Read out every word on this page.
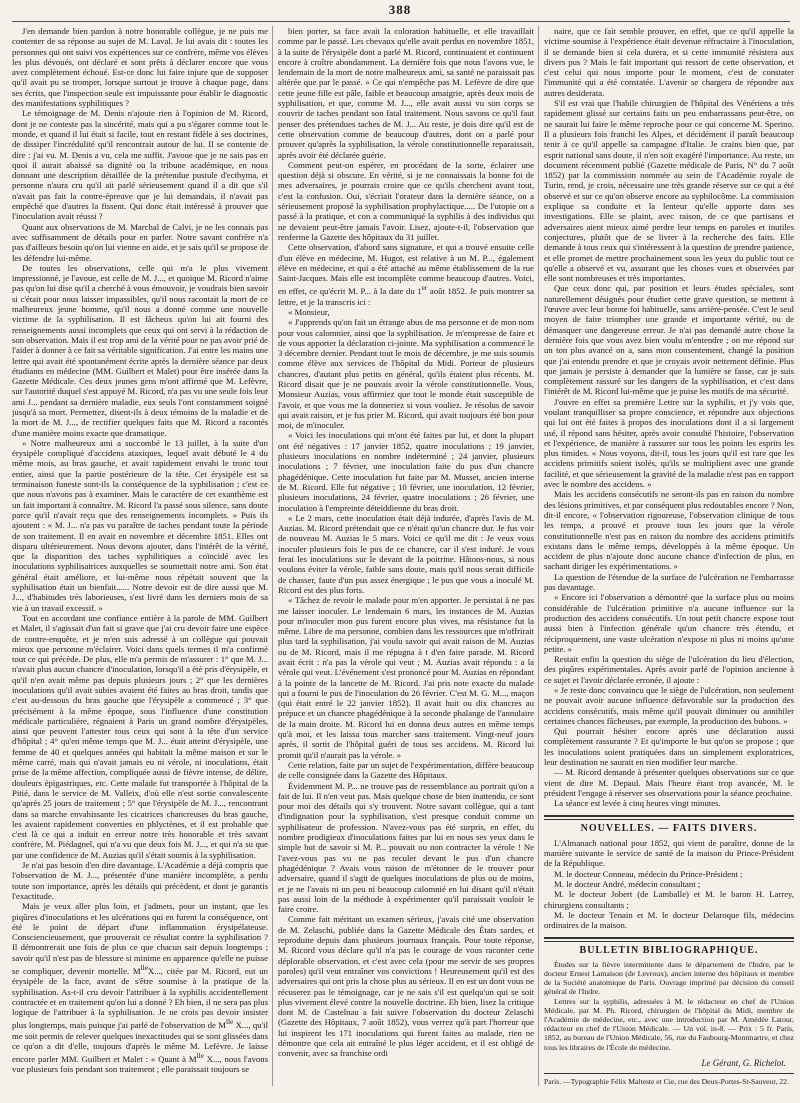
388

J'en demande bien pardon à notre honorable collègue, je ne puis me contenter de sa réponse au sujet de M. Laval. Je lui avais dit : toutes les personnes qui ont suivi vos expériences sur ce confrère, même vos élèves les plus dévoués, ont déclaré et sont prêts à déclarer encore que vous avez complètement échoué. Est-ce donc lui faire injure que de supposer qu'il avait pu se tromper, lorsque surtout je trouve à chaque page, dans ses écrits, que l'inspection seule est impuissante pour établir le diagnostic des manifestations syphilitiques ?

Le témoignage de M. Denis n'ajoute rien à l'opinion de M. Ricord, dont je ne conteste pas la sincérité, mais qui a pu s'égarer comme tout le monde, et quand il lui était si facile, tout en restant fidèle à ses doctrines, de dissiper l'incrédulité qu'il rencontrait autour de lui. Il se contente de dire : j'ai vu. M. Denis a vu, cela me suffit. J'avoue que je ne sais pas en quoi il aurait abaissé sa dignité ou la tribune académique, en nous donnant une description détaillée de la prétendue pustule d'ecthyma, et personne n'aura cru qu'il ait parlé sérieusement quand il a dit que s'il n'avait pas fait la contre-épreuve que je lui demandais, il n'avait pas empêché que d'autres la fissent. Qui donc était intéressé à prouver que l'inoculation avait réussi ?

Quant aux observations de M. Marchal de Calvi, je ne les connais pas avec suffisamment de détails pour en parler. Notre savant confrère n'a pas d'ailleurs besoin qu'on lui vienne en aide, et je sais qu'il se propose de les défendre lui-même.

De toutes les observations, celle qui m'a le plus vivement impressionné, je l'avoue, est celle de M. J..., et quoique M. Ricord n'aime pas qu'on lui dise qu'il a cherché à vous émouvoir, je voudrais bien savoir si c'était pour nous laisser impassibles, qu'il nous racontait la mort de ce malheureux jeune homme, qu'il nous a donné comme une nouvelle victime de la syphilisation. Il est fâcheux qu'on lui ait fourni des renseignements aussi incomplets que ceux qui ont servi à la rédaction de son observation. Mais il est trop ami de la vérité pour ne pas avoir prié de l'aider à donner à ce fait sa véritable signification. J'ai entre les mains une lettre qui avait été spontanément écrite après la dernière séance par deux étudiants en médecine (MM. Guilbert et Malet) pour être insérée dans la Gazette Médicale. Ces deux jeunes gens m'ont affirmé que M. Lefèvre, sur l'autorité duquel s'est appuyé M. Ricord, n'a pas vu une seule fois leur ami J... pendant sa dernière maladie, eux seuls l'ont constamment soigné jusqu'à sa mort. Permettez, disent-ils à deux témoins de la maladie et de la mort de M. J..., de rectifier quelques faits que M. Ricord a racontés d'une manière moins exacte que dramatique.

« Notre malheureux ami a succombé le 13 juillet, à la suite d'un érysipèle compliqué d'accidens ataxiques, lequel avait débuté le 4 du même mois, au bras gauche, et avait rapidement envahi le tronc tout entier, ainsi que la partie postérieure de la tête. Cet érysipèle est sa terminaison funeste sont-ils la conséquence de la syphilisation ; c'est ce que nous n'avons pas à examiner. Mais le caractère de cet exanthème est un fait important à connaître. M. Ricord l'a passé sous silence, sans doute parce qu'il n'avait reçu que des renseignements incomplets. » Puis ils ajoutent : « M. J... n'a pas vu paraître de taches pendant toute la période de son traitement. Il en avait en novembre et décembre 1851. Elles ont disparu ultérieurement. Nous devons ajouter, dans l'intérêt de la vérité, que la disparition des taches syphilitiques a coïncidé avec les inoculations syphilisatrices auxquelles se soumettait notre ami. Son état général était améliore, et lui-même nous répétait souvent que la syphilisation était un bienfait...... Notre devoir est de dire aussi que M. J..., d'habitudes très laborieuses, s'est livré dans les derniers mois de sa vie à un travail excessif. »

Tout en accordant une confiance entière à la parole de MM. Guilbert et Malet, il s'agissait d'un fait si grave que j'ai cru devoir faire une espèce de contre-enquête, et je m'en suis adressé à un collègue qui pouvait mieux que personne m'éclairer. Voici dans quels termes il m'a confirmé tout ce qui précède. De plus, elle m'a permis de m'assurer : 1° que M. J... n'avait plus aucun chancre d'inoculation, lorsqu'il a été pris d'érysipèle, et qu'il n'en avait même pas depuis plusieurs jours ; 2° que les dernières inoculations qu'il avait subies avaient été faites au bras droit, tandis que c'est au-dessous du bras gauche que l'érysipèle a commencé ; 3° que précisément à la même époque, sous l'influence d'une constitution médicale particulière, régnaient à Paris un grand nombre d'érysipèles, ainsi que peuvent l'attester tous ceux qui sont à la tête d'un service d'hôpital ; 4° qu'en même temps que M. J... était atteint d'érysipèle, une femme de 40 et quelques années qui habitait la même maison et sur le même carré, mais qui n'avait jamais eu ni vérole, ni inoculations, était prise de la même affection, compliquée aussi de fièvre intense, de délire, douleurs épigastriques, etc. Cette malade fut transportée à l'hôpital de la Pitié, dans le service de M. Valleix, d'où elle n'est sortie convalescente qu'après 25 jours de traitement ; 5° que l'érysipèle de M. J..., rencontrant dans sa marche envahissante les cicatrices chancreuses du bras gauche, les avaient rapidement converties en phlyctènes, et il est probable que c'est là ce qui a induit en erreur notre très honorable et très savant confrère, M. Piédagnel, qui n'a vu que deux fois M. J..., et qui n'a su que par une confidence de M. Auzias qu'il s'était soumis à la syphilisation.

Je n'ai pas besoin d'en dire davantage. L'Académie a déjà compris que l'observation de M. J..., présentée d'une manière incomplète, a perdu toute son importance, après les détails qui précèdent, et dont je garantis l'exactitude.

Mais je veux aller plus loin, et j'admets, pour un instant, que les piqûres d'inoculations et les ulcérations qui en furent la conséquence, ont été le point de départ d'une inflammation érysipélateuse. Consciencieusement, que prouverait ce résultat contre la syphilisation ? Il démontrerait une fois de plus ce que chacun sait depuis longtemps ; savoir qu'il n'est pas de blessure si minime en apparence qu'elle ne puisse se compliquer, devenir mortelle. $M^{lle}X$..., citée par M. Ricord, eut un érysipèle de la face, avant de s'être soumise à la pratique de la syphilisation. As-t-il cru devoir l'attribuer à la syphilis accidentellement contractée et en traitement qu'on lui a donné ? Eh bien, il ne sera pas plus logique de l'attribuer à la syphilisation. Je ne crois pas devoir insister plus longtemps, mais puisque j'ai parlé de l'observation de $M^{lle}$ X..., qu'il me soit permis de relever quelques inexactitudes qui se sont glissées dans ce qu'on a dit d'elle, toujours d'après le même M. Lefèvre. Je laisse encore parler MM. Guilbert et Malet : « Quant à $M^{lle}$ X..., nous l'avons vue plusieurs fois pendant son traitement ; elle paraissait toujours se

bien porter, sa face avait la coloration habituelle, et elle travaillait comme par le passé. Les chevaux qu'elle avait perdus en novembre 1851, à la suite de l'érysipèle dont a parlé M. Ricord, continuaient et continuent encore à croître abondamment. La dernière fois que nous l'avons vue, le lendemain de la mort de notre malheureux ami, sa santé ne paraissait pas altérée que par le passé. » Ce qui n'empêche pas M. Lefèvre de dire que cette jeune fille est pâle, faible et beaucoup amaigrie, après deux mois de syphilisation, et que, comme M. J..., elle avait aussi vu son corps se couvrir de taches pendant son fatal traitement. Nous savons ce qu'il faut penser des prétendues taches de M. J... Au reste, je dois dire qu'il est de cette observation comme de beaucoup d'autres, dont on a parlé pour prouver qu'après la syphilisation, la vérole constitutionnelle reparaissait, après avoir été déclarée guérie.

Comment peut-on espérer, en procédant de la sorte, éclairer une question déjà si obscure. En vérité, si je ne connaissais la bonne foi de mes adversaires, je pourrais croire que ce qu'ils cherchent avant tout, c'est la confusion. Oui, s'écriait l'orateur dans la dernière séance, on a sérieusement proposé la syphilisation prophylactique..... De l'utopie on a passé à la pratique, et con a communiqué la syphilis à des individus qui ne devaient peut-être jamais l'avoir. Lisez, ajoute-t-il, l'observation que renferme la Gazette des hôpitaux du 31 juillet.

Cette observation, d'abord sans signature, et qui a trouvé ensuite celle d'un élève en médecine, M. Hugot, est relative à un M. P..., également élève en médecine, et qui a été attaché au même établissement de la rue Saint-Jacques. Mais elle est incomplète comme beaucoup d'autres. Voici, en effet, ce qu'écrit M. P... à la date du 1er août 1852. Je puis montrer sa lettre, et je la transcris ici :

« Monsieur,

« J'apprends qu'on fait un étrange abus de ma personne et de mon nom pour vous calomnier, ainsi que la syphilisation. Je m'empresse de faire et de vous apporter la déclaration ci-jointe. Ma syphilisation a commencé le 3 décembre dernier. Pendant tout le mois de décembre, je me suis soumis comme élève aux services de l'hôpital du Midi. Porteur de plusieurs chancres, d'autant plus petits en général, qu'ils étaient plus récents. M. Ricord disait que je ne pouvais avoir la vérole constitutionnelle. Vous, Monsieur Auzias, vous affirmiez que tout le monde était susceptible de l'avoir, et que vous me la donneriez si vous vouliez. Je résolus de savoir qui avait raison, et je fus prier M. Ricord, qui avait toujours été bon pour moi, de m'inoculer.

« Voici les inoculations qui m'ont été faites par lui, et dont la plupart ont été négatives : 17 janvier 1852, quatre inoculations ; 19 janvier, plusieurs inoculations en nombre indéterminé ; 24 janvier, plusieurs inoculations ; 7 février, une inoculation faite du pus d'un chancre phagédénique. Cette inoculation fut faite par M. Musset, ancien interne de M. Ricord. Elle fut négative ; 10 février, une inoculation, 12 février, plusieurs inoculations, 24 février, quatre inoculations ; 26 février, une inoculation à l'empreinte déteiddienne du bras droit.

« Le 2 mars, cette inoculation était déjà indurée, d'après l'avis de M. Auzias. M. Ricord prétendait que ce n'était qu'un chancre dur. Je fus voir de nouveau M. Auzias le 5 mars. Voici ce qu'il me dit : Je veux vous inoculer plusieurs fois le pus de ce chancre, car il s'est induré. Je vous ferai les inoculations sur le devant de la poitrine. Hâtons-nous, si nous voulons éviter la vérole, faible sans doute, mais qu'il nous serait difficile de chasser, faute d'un pus assez énergique ; le pus que vous a inoculé M. Ricord est des plus forts.

« Tâchez de revoir le malade pour m'en apporter. Je persistai à ne pas me laisser inoculer. Le lendemain 6 mars, les instances de M. Auzias pour m'inoculer mon pus furent encore plus vives, ma résistance fut la même. Libre de ma personne, combien dans les ressources que m'offrirait plus tard la syphilisation, j'ai voulu savoir qui avait raison de M. Auzias ou de M. Ricord, mais il me répugna à t d'en faire parade. M. Ricord avait écrit : n'a pas la vérole qui veut ; M. Auzias avait répondu : a la vérole qui veut. L'événement s'est prononcé pour M. Auzias en répondant à la pointe de la lancette de M. Ricord. J'ai pris note exacte du malade qui a fourni le pus de l'inoculation du 26 février. C'est M. G. M..., maçon (qui était entré le 22 janvier 1852). Il avait huit ou dix chancres au prépuce et un chancre phagédénique à la seconde phalange de l'annulaire de la main droite. M. Ricord lui en donna deux autres en même temps qu'à moi, et les laissa tous marcher sans traitement. Vingt-neuf jours après, il sortit de l'hôpital guéri de tous ses accidens. M. Ricord lui promit qu'il n'aurait pas la vérole. »

Cette relation, faite par un sujet de l'expérimentation, diffère beaucoup de celle consignée dans la Gazette des Hôpitaux.

Évidemment M. P... ne trouve pas de ressemblance au portrait qu'on a fait de lui. Il n'en veut pas. Mais quelque chose de bien inattendu, ce sont pour moi des détails qui s'y trouvent. Notre savant collègue, qui a tant d'indignation pour la syphilisation, s'est presque conduit comme un syphilisateur de profession. N'avez-vous pas été surpris, en effet, du nombre prodigieux d'inoculations faites par lui en nous ses yeux dans le simple but de savoir si M. P... pouvait ou non contracter la vérole ! Ne l'avez-vous pas vu ne pas reculer devant le pus d'un chancre phagédénique ? Avais vous raison de m'étonner de le trouver pour adversaire, quand il s'agit de quelques inoculations de plus ou de moins, et je ne l'avais ni un peu ni beaucoup calomnié en lui disant qu'il n'était pas aussi loin de la méthode à expérimenter qu'il paraissait vouloir le faire croire.

Comme fait méritant un examen sérieux, j'avais cité une observation de M. Zelaschi, publiée dans la Gazette Médicale des États sardes, et reproduite depuis dans plusieurs journaux français. Pour toute réponse, M. Ricord vous déclare qu'il n'a pas le courage de vous raconter cette déplorable observation, et c'est avec cela (pour me servir de ses propres paroles) qu'il veut entraîner vos convictions ! Heureusement qu'il est des adversaires qui ont pris la chose plus au sérieux. Il en est un dont vous ne récuserez pas le témoignage, car je ne sais s'il est quelqu'un qui se soit plus vivement élevé contre la nouvelle doctrine. Eh bien, lisez la critique dont M. de Castelnau a fait suivre l'observation du docteur Zelaschi (Gazette des Hôpitaux, 7 août 1852), vous verrez qu'à part l'horreur que lui inspirent les 171 inoculations qui furent faites au malade, rien ne démontre que cela ait entraîné le plus léger accident, et il est obligé de convenir, avec sa franchise ordi

naire, que ce fait semble prouver, en effet, que ce qu'il appelle la victime soumise à l'expérience était devenue réfractaire à l'inoculation, il se demande bien si cela durera, et si cette immunité résistera aux divers pus ? Mais le fait important qui ressort de cette observation, et c'est celui qui nous importe pour le moment, c'est de constater l'immunité qui a été constatée. L'avenir se chargera de répondre aux autres desiderata.

S'il est vrai que l'habile chirurgien de l'hôpital des Vénériens a très rapidement glissé sur certains faits un peu embarrassans peut-être, on ne saurait lui faire le même reproche pour ce qui concerne M. Sperino. Il a plusieurs fois franchi les Alpes, et décidément il paraît beaucoup tenir à ce qu'il appelle sa campagne d'Italie. Je crains bien que, par esprit national sans doute, il n'en soit exagéré l'importance. Au reste, un document récemment publié (Gazette médicale de Paris, N° du 7 août 1852) par la commission nommée au sein de l'Académie royale de Turin, rend, je crois, nécessaire une très grande réserve sur ce qui a été observé et sur ce qu'on observe encore au syphilocôme. La commission explique sa conduite et la lenteur qu'elle apporte dans ses investigations. Elle se plaint, avec raison, de ce que partisans et adversaires aient mieux aimé perdre leur temps en paroles et inutiles conjectures, plutôt que de se livrer à la recherche des faits. Elle demande à tous ceux qui s'intéressent à la question de prendre patience, et elle promet de mettre prochainement sous les yeux du public tout ce qu'elle a observé et vu, assurant que les choses vues et observées par elle sont nombreuses et très importantes.

Que ceux donc qui, par position et leurs études spéciales, sont naturellement désignés pour étudier cette grave question, se mettent à l'œuvre avec leur bonne foi habituelle, sans arrière-pensée. C'est le seul moyen de faire triompher une grande et importante vérité, ou de démasquer une dangereuse erreur. Je n'ai pas demandé autre chose la dernière fois que vous avez bien voulu m'entendre ; on me répond sur un ton plus avancé on a, sans mon consentement, changé la position que j'ai entendu prendre et que je croyais avoir nettement définie. Plus que jamais je persiste à demander que la lumière se fasse, car je suis complètement rassuré sur les dangers de la syphilisation, et c'est dans l'intérêt de M. Ricord lui-même que je puise les motifs de ma sécurité.

J'ouvre en effet sa première Lettre sur la syphilis, et j'y vois que, voulant tranquilliser sa propre conscience, et répondre aux objections qui lui ont été faites à propos des inoculations dont il a si largement usé, il répond sans hésiter, après avoir consulté l'histoire, l'observation et l'expérience, de manière à rassurer sur tous les points les esprits les plus timides. « Nous voyons, dit-il, tous les jours qu'il est rare que les accidens primitifs soient isolés, qu'ils se multiplient avec une grande facilité, et que sérieusement la gravité de la maladie n'est pas en rapport avec le nombre des accidens. »

Mais les accidens consécutifs ne seront-ils pas en raison du nombre des lésions primitives, et par conséquent plus redoutables encore ? Non, dit-il encore, « l'observation rigoureuse, l'observation clinique de tous les temps, a prouvé et prouve tous les jours que la vérole constitutionnelle n'est pas en raison du nombre des accidens primitifs existans dans le même temps, développés à la même époque. Un accident de plus n'ajoute donc aucune chance d'infection de plus, en sachant diriger les expérimentations. »

La question de l'étendue de la surface de l'ulcération ne l'embarrasse pas davantage.

« Encore ici l'observation a démontré que la surface plus ou moins considérable de l'ulcération primitive n'a aucune influence sur la production des accidens consécutifs. Un tout petit chancre expose tout aussi bien à l'infection générale qu'un chancre très étendu, et réciproquement, une vaste ulcération n'expose ni plus ni moins qu'une petite. »

Restait enfin la question du siège de l'ulcération du lieu d'élection, des piqûres expérimentales. Après avoir parlé de l'opinion ancienne à ce sujet et l'avoir déclarée erronée, il ajoute :

« Je reste donc convaincu que le siège de l'ulcération, non seulement ne pouvait avoir aucune influence défavorable sur la production des accidens consécutifs, mais même qu'il pouvait diminuer ou annihiler certaines chances fâcheuses, par exemple, la production des bubons. »

Qui pourrait hésiter encore après une déclaration aussi complètement rassurante ? Et qu'importe le but qu'on se propose ; que les inoculations soient pratiquées dans un simplement exploratrices, leur destination ne saurait en rien modifier leur marche.

— M. Ricord demande à présenter quelques observations sur ce que vient de dire M. Depaul. Mais l'heure étant trop avancée, M. le président l'engage à réserver ses observations pour la séance prochaine.

La séance est levée à cinq heures vingt minutes.

NOUVELLES. — FAITS DIVERS.

L'Almanach national pour 1852, qui vient de paraître, donne de la manière suivante le service de santé de la maison du Prince-Président de la République.

M. le docteur Conneau, médecin du Prince-Président ;

M. le docteur André, médecin consultant ;

M. le docteur Jobert (de Lamballe) et M. le baron H. Larrey, chirurgiens consultants ;

M. le docteur Tenain et M. le docteur Delaroque fils, médecins ordinaires de la maison.

BULLETIN BIBLIOGRAPHIQUE.

Études sur la fièvre intermittente dans le département de l'Indre, par le docteur Ernest Lamaison (de Levroux), ancien interne des hôpitaux et membre de la Société anatomique de Paris. Ouvrage imprimé par décision du conseil général de l'Indre.

Lettres sur la syphilis, adressées à M. le rédacteur en chef de l'Union Médicale, par M. Ph. Ricord, chirurgien de l'hôpital du Midi, membre de l'Académie de médecine, etc., avec une introduction par M. Amédée Latour, rédacteur en chef de l'Union Médicale. — Un vol. in-8. — Prix : 5 fr. Paris, 1852, au bureau de l'Union Médicale, 56, rue du Faubourg-Montmartre, et chez tous les libraires de l'École de médecine.

Le Gérant, G. Richelot.

Paris. —Typographie Félix Malteste et Cie, rue des Deux-Portes-St-Sauveur, 22.
